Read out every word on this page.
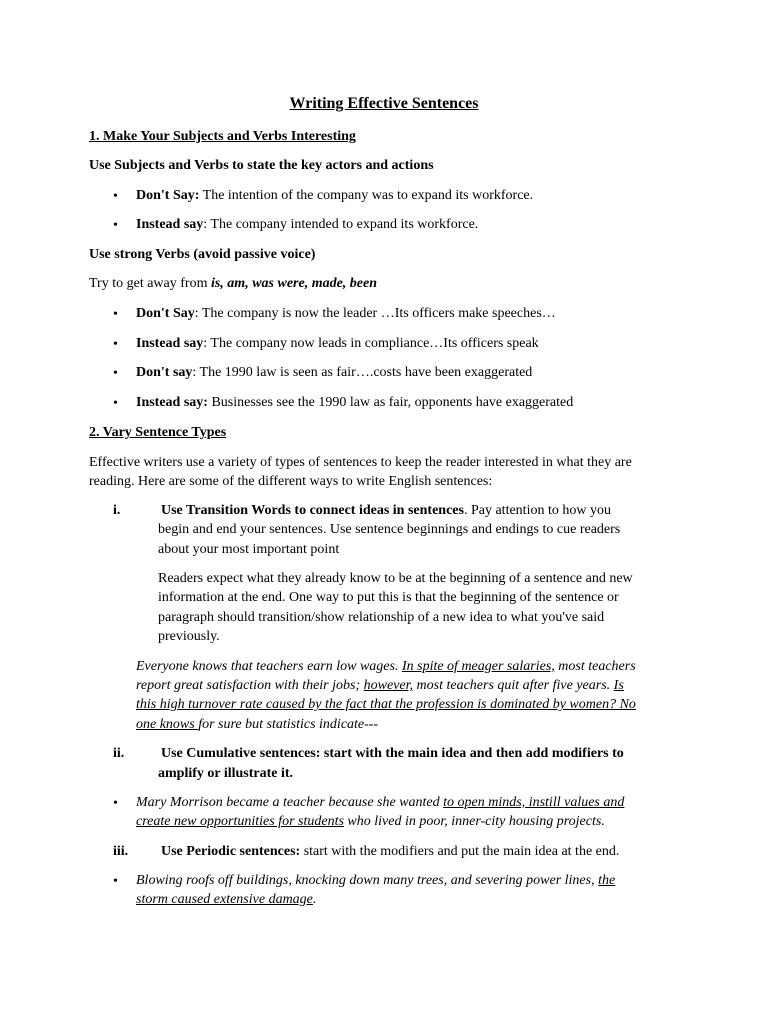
Writing Effective Sentences
1. Make Your Subjects and Verbs Interesting
Use Subjects and Verbs to state the key actors and actions
• Don't Say: The intention of the company was to expand its workforce.
• Instead say: The company intended to expand its workforce.
Use strong Verbs (avoid passive voice)
Try to get away from is, am, was were, made, been
• Don't Say: The company is now the leader …Its officers make speeches…
• Instead say: The company now leads in compliance…Its officers speak
• Don't say: The 1990 law is seen as fair….costs have been exaggerated
• Instead say: Businesses see the 1990 law as fair, opponents have exaggerated
2. Vary Sentence Types
Effective writers use a variety of types of sentences to keep the reader interested in what they are
reading. Here are some of the different ways to write English sentences:
i.	Use Transition Words to connect ideas in sentences. Pay attention to how you
begin and end your sentences. Use sentence beginnings and endings to cue readers
about your most important point
Readers expect what they already know to be at the beginning of a sentence and new
information at the end. One way to put this is that the beginning of the sentence or
paragraph should transition/show relationship of a new idea to what you've said
previously.
Everyone knows that teachers earn low wages. In spite of meager salaries, most teachers
report great satisfaction with their jobs; however, most teachers quit after five years. Is
this high turnover rate caused by the fact that the profession is dominated by women? No
one knows for sure but statistics indicate---
ii.	Use Cumulative sentences: start with the main idea and then add modifiers to
amplify or illustrate it.
• Mary Morrison became a teacher because she wanted to open minds, instill values and
create new opportunities for students who lived in poor, inner-city housing projects.
iii. Use Periodic sentences: start with the modifiers and put the main idea at the end.
• Blowing roofs off buildings, knocking down many trees, and severing power lines, the
storm caused extensive damage.
